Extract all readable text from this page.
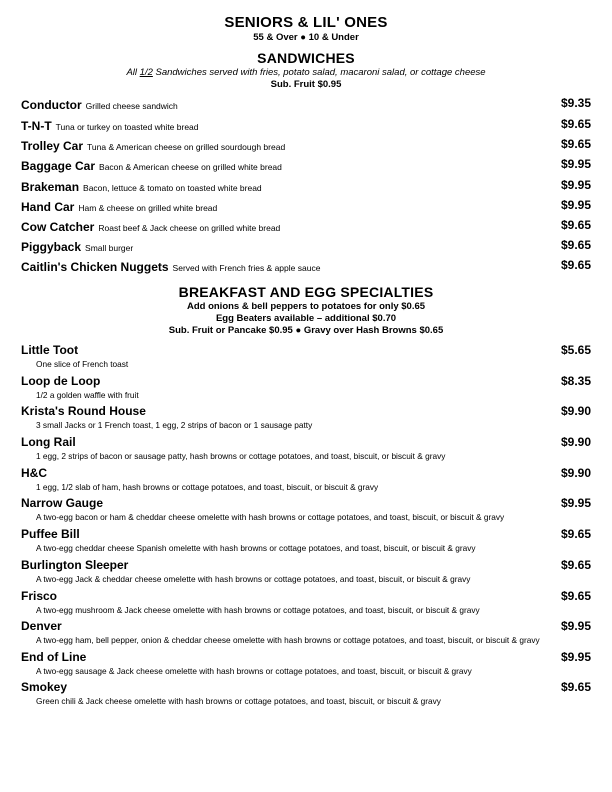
SENIORS & LIL' ONES
55 & Over ● 10 & Under
SANDWICHES
All 1/2 Sandwiches served with fries, potato salad, macaroni salad, or cottage cheese
Sub. Fruit $0.95
Conductor Grilled cheese sandwich	$9.35
T-N-T Tuna or turkey on toasted white bread	$9.65
Trolley Car Tuna & American cheese on grilled sourdough bread	$9.65
Baggage Car Bacon & American cheese on grilled white bread	$9.95
Brakeman Bacon, lettuce & tomato on toasted white bread	$9.95
Hand Car Ham & cheese on grilled white bread	$9.95
Cow Catcher Roast beef & Jack cheese on grilled white bread	$9.65
Piggyback Small burger	$9.65
Caitlin's Chicken Nuggets Served with French fries & apple sauce	$9.65
BREAKFAST AND EGG SPECIALTIES
Add onions & bell peppers to potatoes for only $0.65
Egg Beaters available – additional $0.70
Sub. Fruit or Pancake $0.95 ● Gravy over Hash Browns $0.65
Little Toot
One slice of French toast
$5.65
Loop de Loop
1/2 a golden waffle with fruit
$8.35
Krista's Round House
3 small Jacks or 1 French toast, 1 egg, 2 strips of bacon or 1 sausage patty
$9.90
Long Rail
1 egg, 2 strips of bacon or sausage patty, hash browns or cottage potatoes, and toast, biscuit, or biscuit & gravy
$9.90
H&C
1 egg, 1/2 slab of ham, hash browns or cottage potatoes, and toast, biscuit, or biscuit & gravy
$9.90
Narrow Gauge
A two-egg bacon or ham & cheddar cheese omelette with hash browns or cottage potatoes, and toast, biscuit, or biscuit & gravy
$9.95
Puffee Bill
A two-egg cheddar cheese Spanish omelette with hash browns or cottage potatoes, and toast, biscuit, or biscuit & gravy
$9.65
Burlington Sleeper
A two-egg Jack & cheddar cheese omelette with hash browns or cottage potatoes, and toast, biscuit, or biscuit & gravy
$9.65
Frisco
A two-egg mushroom & Jack cheese omelette with hash browns or cottage potatoes, and toast, biscuit, or biscuit & gravy
$9.65
Denver
A two-egg ham, bell pepper, onion & cheddar cheese omelette with hash browns or cottage potatoes, and toast, biscuit, or biscuit & gravy
$9.95
End of Line
A two-egg sausage & Jack cheese omelette with hash browns or cottage potatoes, and toast, biscuit, or biscuit & gravy
$9.95
Smokey
Green chili & Jack cheese omelette with hash browns or cottage potatoes, and toast, biscuit, or biscuit & gravy
$9.65
